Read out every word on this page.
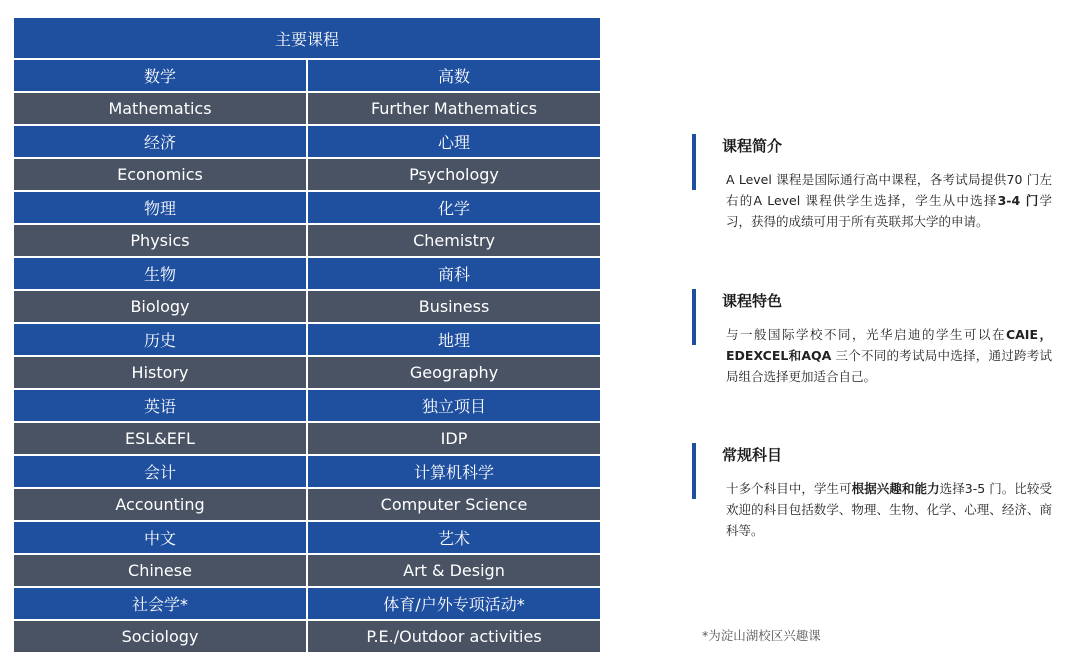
主要课程	
数学	高数
Mathematics	Further Mathematics
经济	心理
Economics	Psychology
物理	化学
Physics	Chemistry
生物	商科
Biology	Business
历史	地理
History	Geography
英语	独立项目
ESL&EFL	IDP
会计	计算机科学
Accounting	Computer Science
中文	艺术
Chinese	Art & Design
社会学*	体育/户外专项活动*
Sociology	P.E./Outdoor activities
课程简介

A Level 课程是国际通行高中课程，各考试局提供70 门左右的A Level 课程供学生选择，学生从中选择3-4 门学习，获得的成绩可用于所有英联邦大学的申请。

课程特色

与一般国际学校不同，光华启迪的学生可以在CAIE，EDEXCEL和AQA 三个不同的考试局中选择，通过跨考试局组合选择更加适合自己。

常规科目

十多个科目中，学生可根据兴趣和能力选择3-5 门。比较受欢迎的科目包括数学、物理、生物、化学、心理、经济、商科等。

*为淀山湖校区兴趣课
